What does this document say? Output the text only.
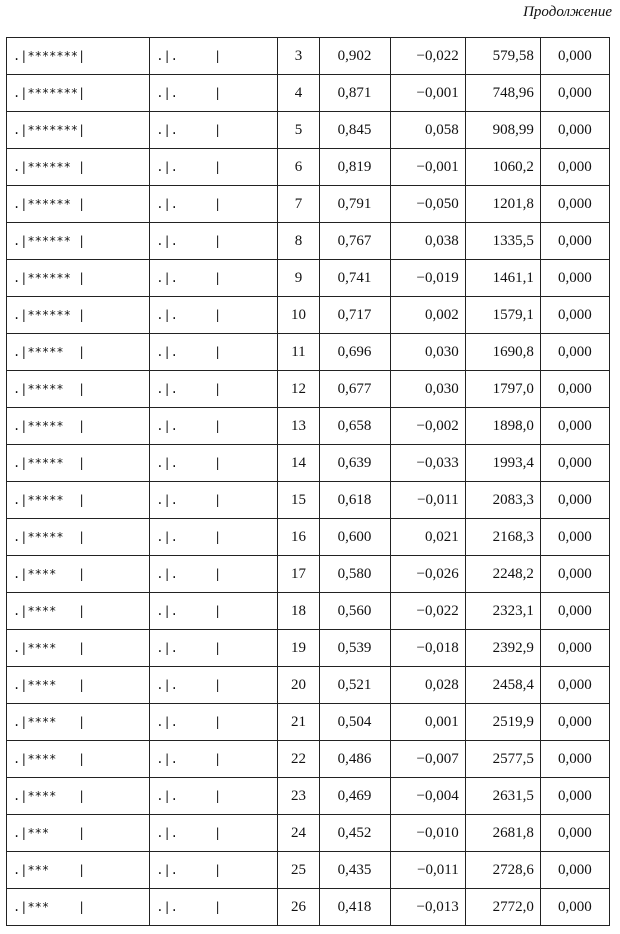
Продолжение
.|*******|	.|.     |	3	0,902	−0,022	579,58	0,000
.|*******|	.|.     |	4	0,871	−0,001	748,96	0,000
.|*******|	.|.     |	5	0,845	0,058	908,99	0,000
.|****** |	.|.     |	6	0,819	−0,001	1060,2	0,000
.|****** |	.|.     |	7	0,791	−0,050	1201,8	0,000
.|****** |	.|.     |	8	0,767	0,038	1335,5	0,000
.|****** |	.|.     |	9	0,741	−0,019	1461,1	0,000
.|****** |	.|.     |	10	0,717	0,002	1579,1	0,000
.|*****  |	.|.     |	11	0,696	0,030	1690,8	0,000
.|*****  |	.|.     |	12	0,677	0,030	1797,0	0,000
.|*****  |	.|.     |	13	0,658	−0,002	1898,0	0,000
.|*****  |	.|.     |	14	0,639	−0,033	1993,4	0,000
.|*****  |	.|.     |	15	0,618	−0,011	2083,3	0,000
.|*****  |	.|.     |	16	0,600	0,021	2168,3	0,000
.|****   |	.|.     |	17	0,580	−0,026	2248,2	0,000
.|****   |	.|.     |	18	0,560	−0,022	2323,1	0,000
.|****   |	.|.     |	19	0,539	−0,018	2392,9	0,000
.|****   |	.|.     |	20	0,521	0,028	2458,4	0,000
.|****   |	.|.     |	21	0,504	0,001	2519,9	0,000
.|****   |	.|.     |	22	0,486	−0,007	2577,5	0,000
.|****   |	.|.     |	23	0,469	−0,004	2631,5	0,000
.|***    |	.|.     |	24	0,452	−0,010	2681,8	0,000
.|***    |	.|.     |	25	0,435	−0,011	2728,6	0,000
.|***    |	.|.     |	26	0,418	−0,013	2772,0	0,000
